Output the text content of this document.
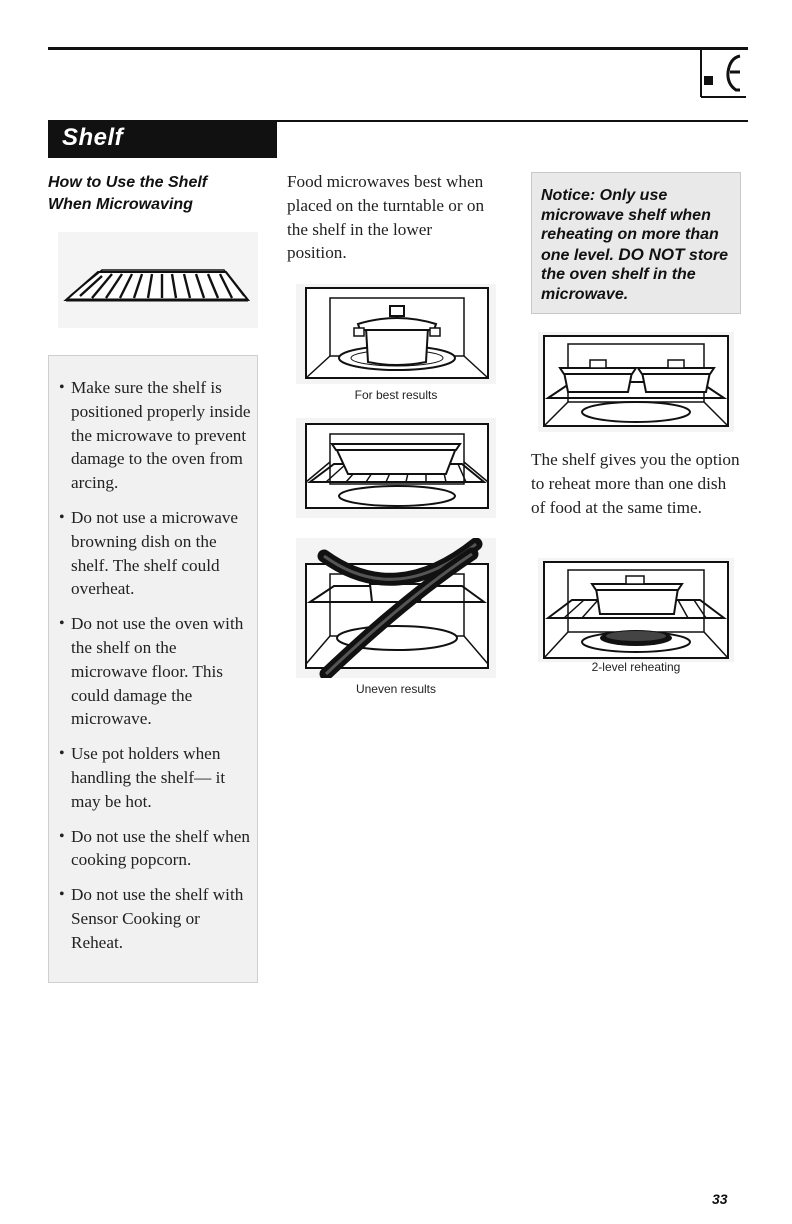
Shelf
How to Use the Shelf
When Microwaving
• Make sure the shelf is positioned properly inside the microwave to prevent damage to the oven from arcing.
• Do not use a microwave browning dish on the shelf. The shelf could overheat.
• Do not use the oven with the shelf on the microwave floor. This could damage the microwave.
• Use pot holders when handling the shelf— it may be hot.
• Do not use the shelf when cooking popcorn.
• Do not use the shelf with Sensor Cooking or Reheat.
Food microwaves best when placed on the turntable or on the shelf in the lower position.
For best results
Uneven results
Notice: Only use microwave shelf when reheating on more than one level. DO NOT store the oven shelf in the microwave.
The shelf gives you the option to reheat more than one dish of food at the same time.
2-level reheating
33
